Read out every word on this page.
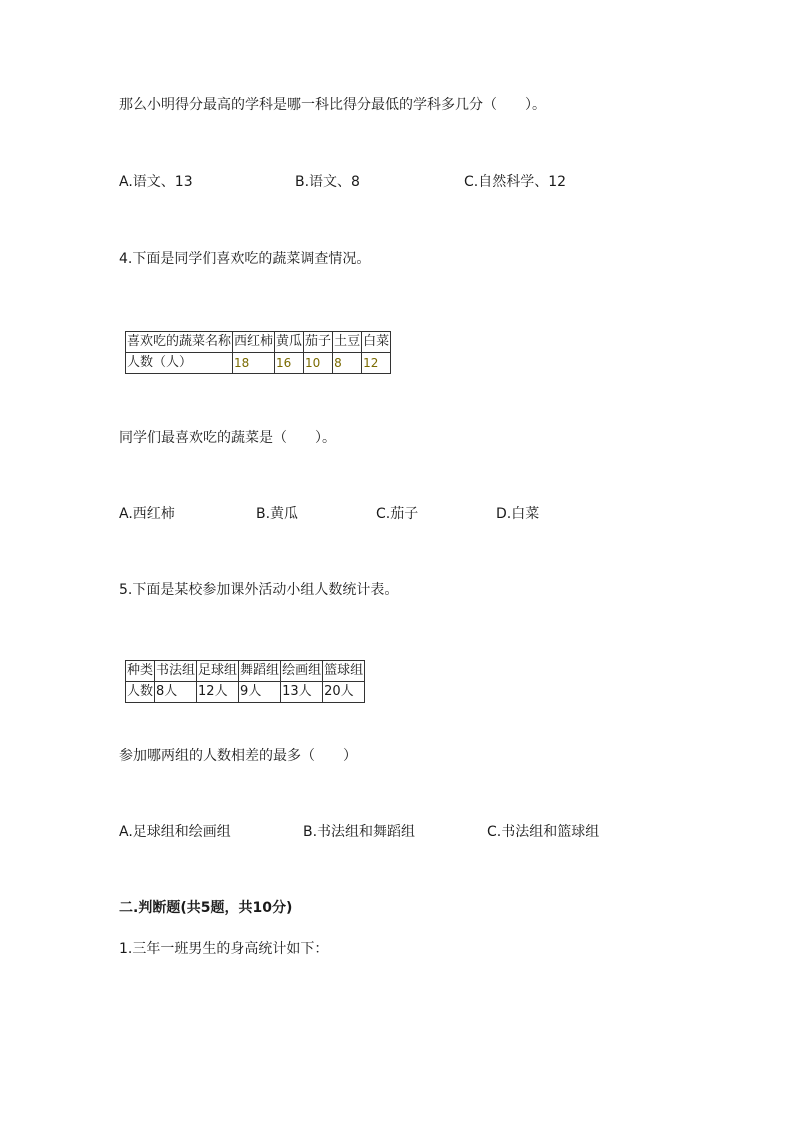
那么小明得分最高的学科是哪一科比得分最低的学科多几分（　　）。
A.语文、13	B.语文、8	C.自然科学、12
4.下面是同学们喜欢吃的蔬菜调查情况。
喜欢吃的蔬菜名称	西红柿	黄瓜	茄子	土豆	白菜
人数（人）	18	16	10	8	12
同学们最喜欢吃的蔬菜是（　　）。
A.西红柿	B.黄瓜	C.茄子	D.白菜
5.下面是某校参加课外活动小组人数统计表。
种类	书法组	足球组	舞蹈组	绘画组	篮球组
人数	8人	12人	9人	13人	20人
参加哪两组的人数相差的最多（　　）
A.足球组和绘画组	B.书法组和舞蹈组	C.书法组和篮球组
二.判断题(共5题，共10分)
1.三年一班男生的身高统计如下：
